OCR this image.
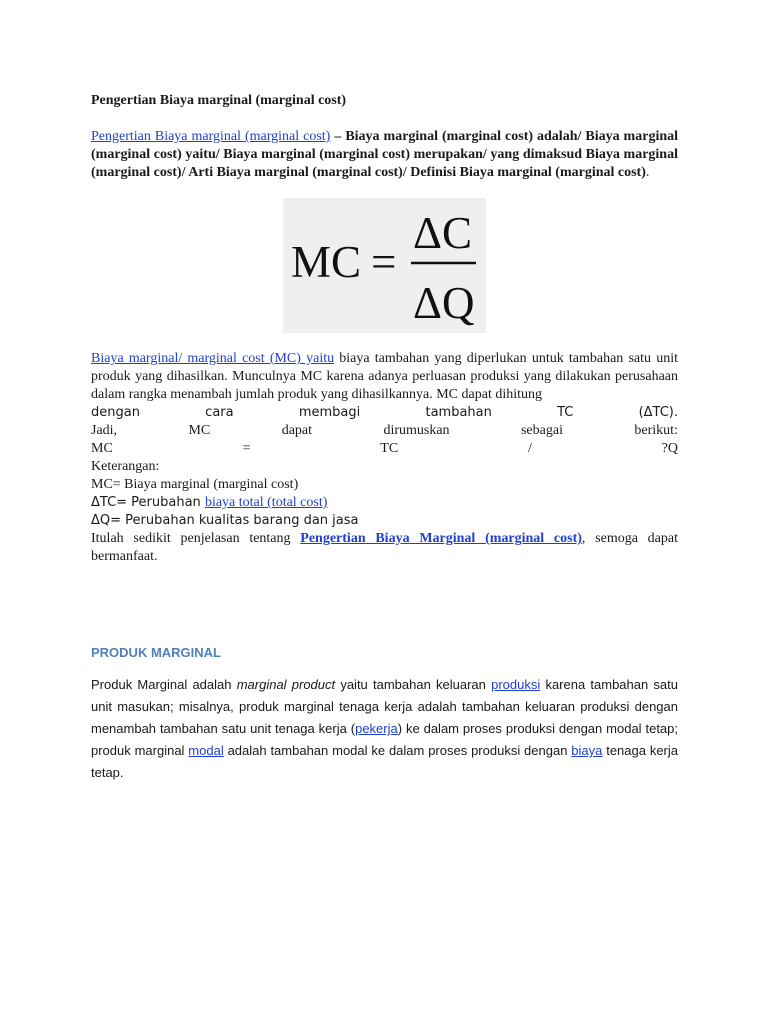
Pengertian Biaya marginal (marginal cost)

Pengertian Biaya marginal (marginal cost) – Biaya marginal (marginal cost) adalah/ Biaya marginal (marginal cost) yaitu/ Biaya marginal (marginal cost) merupakan/ yang dimaksud Biaya marginal (marginal cost)/ Arti Biaya marginal (marginal cost)/ Definisi Biaya marginal (marginal cost).

MC =
ΔC
ΔQ
Biaya marginal/ marginal cost (MC) yaitu biaya tambahan yang diperlukan untuk tambahan satu unit produk yang dihasilkan. Munculnya MC karena adanya perluasan produksi yang dilakukan perusahaan dalam rangka menambah jumlah produk yang dihasilkannya. MC dapat dihitung
dengan	cara	membagi	tambahan	TC	(ΔTC).
Jadi,	MC	dapat	dirumuskan	sebagai	berikut:
MC	=	TC	/	?Q
Keterangan:
MC= Biaya marginal (marginal cost)
ΔTC= Perubahan biaya total (total cost)
ΔQ= Perubahan kualitas barang dan jasa
Itulah sedikit penjelasan tentang Pengertian Biaya Marginal (marginal cost), semoga dapat bermanfaat.
PRODUK MARGINAL

Produk Marginal adalah marginal product yaitu tambahan keluaran produksi karena tambahan satu unit masukan; misalnya, produk marginal tenaga kerja adalah tambahan keluaran produksi dengan menambah tambahan satu unit tenaga kerja (pekerja) ke dalam proses produksi dengan modal tetap; produk marginal modal adalah tambahan modal ke dalam proses produksi dengan biaya tenaga kerja tetap.
